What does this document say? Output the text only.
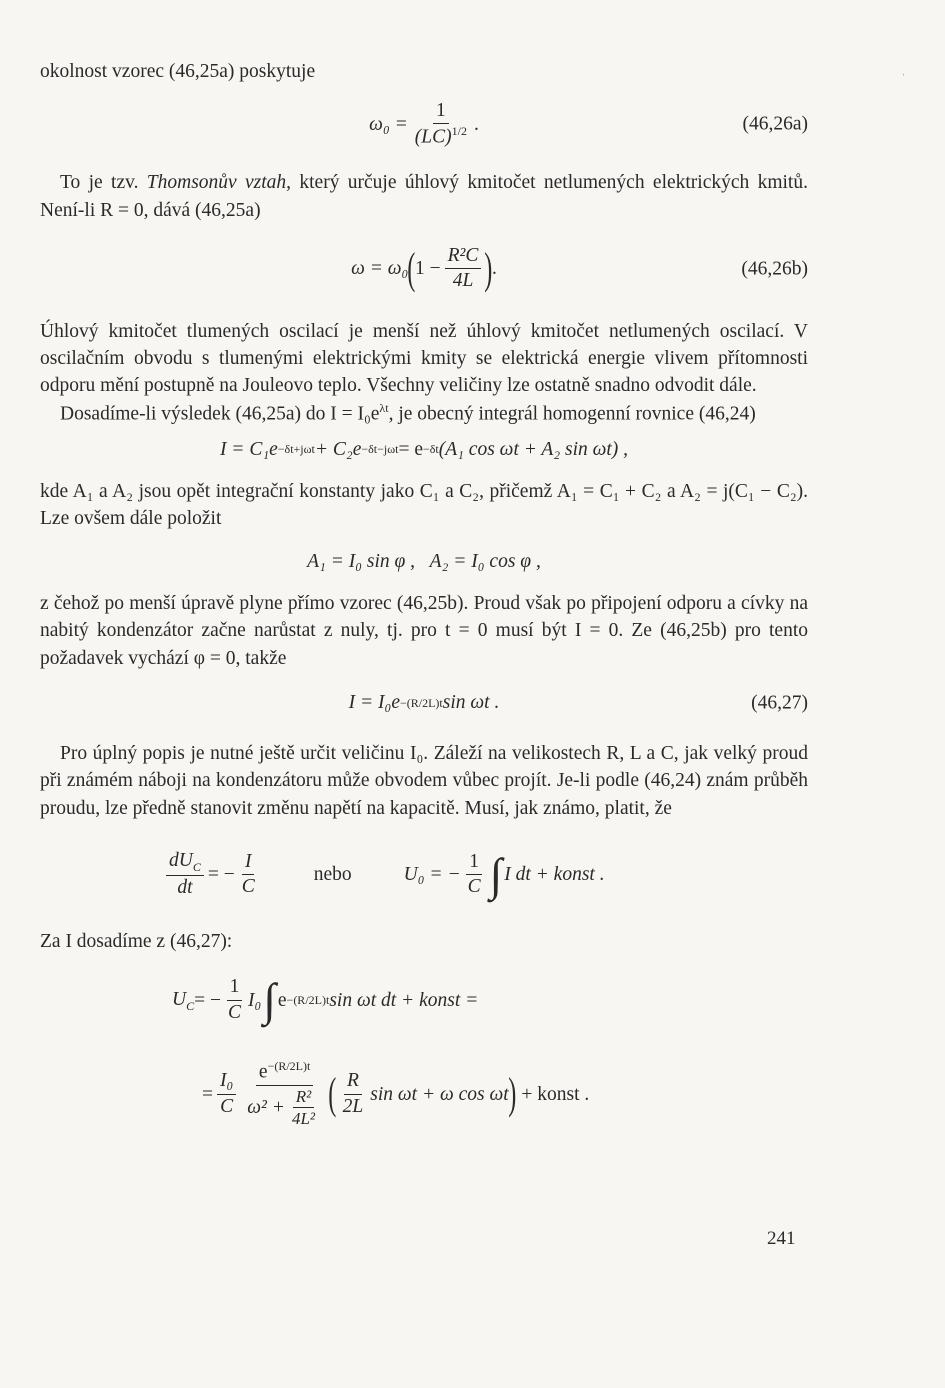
ˈ

okolnost vzorec (46,25a) poskytuje

$\omega_0 = \frac{1}{(LC)^{1/2}}$ .	(46,26a)

To je tzv. Thomsonův vztah, který určuje úhlový kmitočet netlumených elektrických kmitů. Není-li R = 0, dává (46,25a)

ω = ω₀ ( $1 - \frac{\text{R²C}}{4L}$ ) .	(46,26b)

Úhlový kmitočet tlumených oscilací je menší než úhlový kmitočet netlumených oscilací. V oscilačním obvodu s tlumenými elektrickými kmity se elektrická energie vlivem přítomnosti odporu mění postupně na Jouleovo teplo. Všechny veličiny lze ostatně snadno odvodit dále.

Dosadíme-li výsledek (46,25a) do $I = I_0e^{\lambda t}$, je obecný integrál homogenní rovnice (46,24)

I = C₁e −δt+jωt + C₂e −δt−jωt = e −δt (A₁ cos ωt + A₂ sin ωt) ,

kde A₁ a A₂ jsou opět integrační konstanty jako C₁ a C₂, přičemž A₁ = C₁ + C₂ a A₂ = j(C₁ − C₂). Lze ovšem dále položit

A₁ = I₀ sin φ ,   A₂ = I₀ cos φ ,

z čehož po menší úpravě plyne přímo vzorec (46,25b). Proud však po připojení odporu a cívky na nabitý kondenzátor začne narůstat z nuly, tj. pro t = 0 musí být I = 0. Ze (46,25b) pro tento požadavek vychází φ = 0, takže

I = I₀e −(R/2L)t sin ωt .	(46,27)

Pro úplný popis je nutné ještě určit veličinu I₀. Záleží na velikostech R, L a C, jak velký proud při známém náboji na kondenzátoru může obvodem vůbec projít. Je-li podle (46,24) znám průběh proudu, lze předně stanovit změnu napětí na kapacitě. Musí, jak známo, platit, že

$\frac{dU_C}{dt}$ = − $\frac{I}{C}$	nebo	U₀ = − $\frac{1}{C}$ ∫ I dt + konst .

Za I dosadíme z (46,27):

$U_C$ = − $\frac{1}{C} I_0$ ∫ e −(R/2L)t sin ωt dt + konst =
= $\frac{\text{I₀}}{C} \frac{e^{-(R/2L)t}}{\omega^2 + \frac{\text{R²}}{\text{4L²}}}$ ( $\frac{R}{2L}$ sin ωt + ω cos ωt ) + konst .
241
